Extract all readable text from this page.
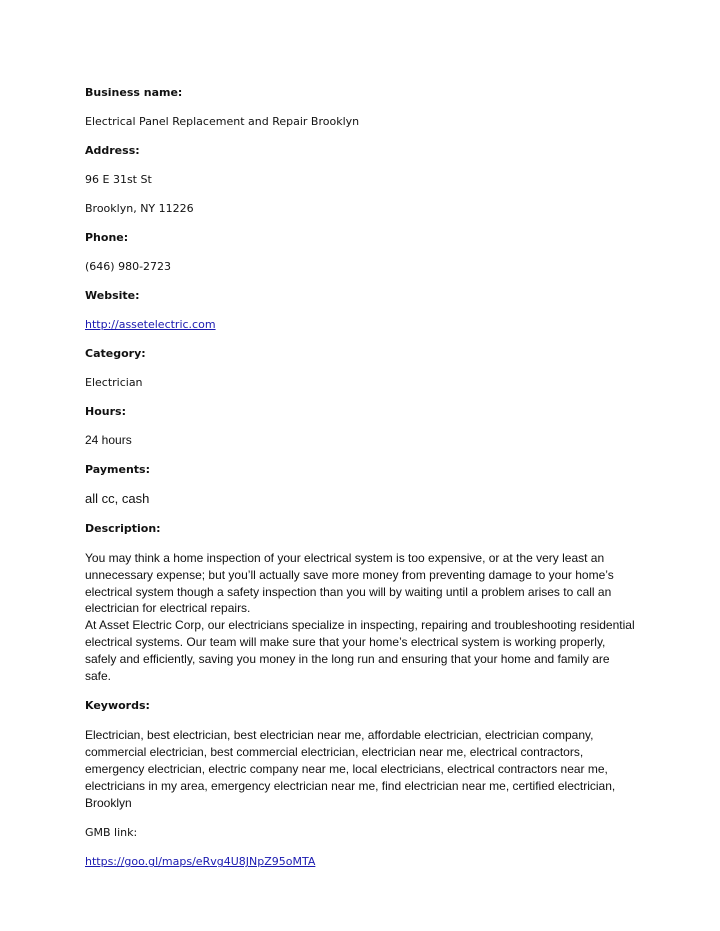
Business name:
Electrical Panel Replacement and Repair Brooklyn
Address:
96 E 31st St
Brooklyn, NY 11226
Phone:
(646) 980-2723
Website:
http://assetelectric.com
Category:
Electrician
Hours:
24 hours
Payments:
all cc, cash
Description:

You may think a home inspection of your electrical system is too expensive, or at the very least an unnecessary expense; but you’ll actually save more money from preventing damage to your home’s electrical system though a safety inspection than you will by waiting until a problem arises to call an electrician for electrical repairs.

At Asset Electric Corp, our electricians specialize in inspecting, repairing and troubleshooting residential electrical systems. Our team will make sure that your home’s electrical system is working properly, safely and efficiently, saving you money in the long run and ensuring that your home and family are safe.

Keywords:

Electrician, best electrician, best electrician near me, affordable electrician, electrician company, commercial electrician, best commercial electrician, electrician near me, electrical contractors, emergency electrician, electric company near me, local electricians, electrical contractors near me, electricians in my area, emergency electrician near me, find electrician near me, certified electrician, Brooklyn

GMB link:
https://goo.gl/maps/eRvg4U8JNpZ95oMTA
